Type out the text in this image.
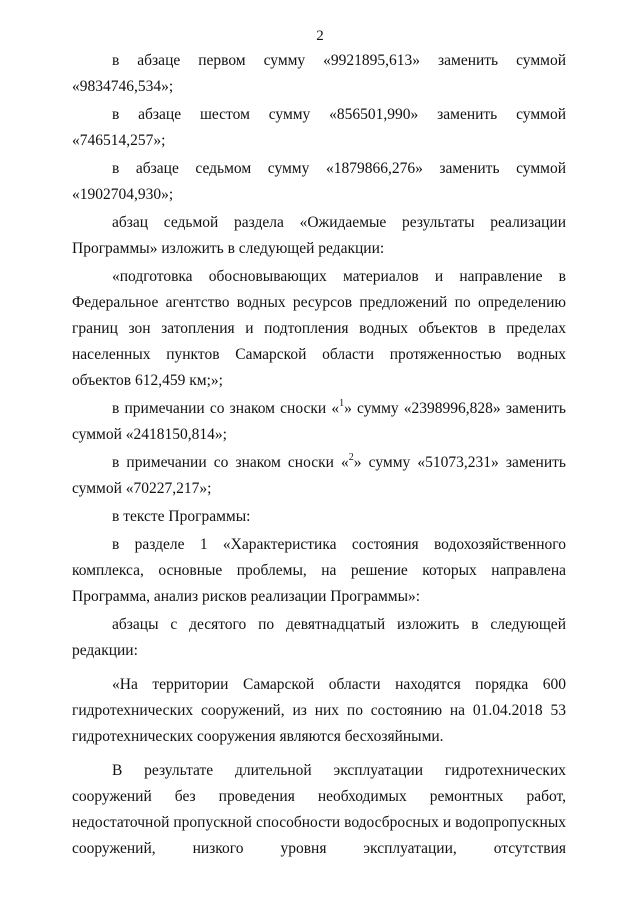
2

в абзаце первом сумму «9921895,613» заменить суммой «9834746,534»;

в абзаце шестом сумму «856501,990» заменить суммой «746514,257»;

в абзаце седьмом сумму «1879866,276» заменить суммой «1902704,930»;

абзац седьмой раздела «Ожидаемые результаты реализации Программы» изложить в следующей редакции:

«подготовка обосновывающих материалов и направление в Федеральное агентство водных ресурсов предложений по определению границ зон затопления и подтопления водных объектов в пределах населенных пунктов Самарской области протяженностью водных объектов 612,459 км;»;

в примечании со знаком сноски «$^1$» сумму «2398996,828» заменить суммой «2418150,814»;

в примечании со знаком сноски «$^2$» сумму «51073,231» заменить суммой «70227,217»;

в тексте Программы:

в разделе 1 «Характеристика состояния водохозяйственного комплекса, основные проблемы, на решение которых направлена Программа, анализ рисков реализации Программы»:

абзацы с десятого по девятнадцатый изложить в следующей редакции:

«На территории Самарской области находятся порядка 600 гидротехнических сооружений, из них по состоянию на 01.04.2018 53 гидротехнических сооружения являются бесхозяйными.

В результате длительной эксплуатации гидротехнических сооружений без проведения необходимых ремонтных работ, недостаточной пропускной способности водосбросных и водопропускных сооружений, низкого уровня эксплуатации, отсутствия
